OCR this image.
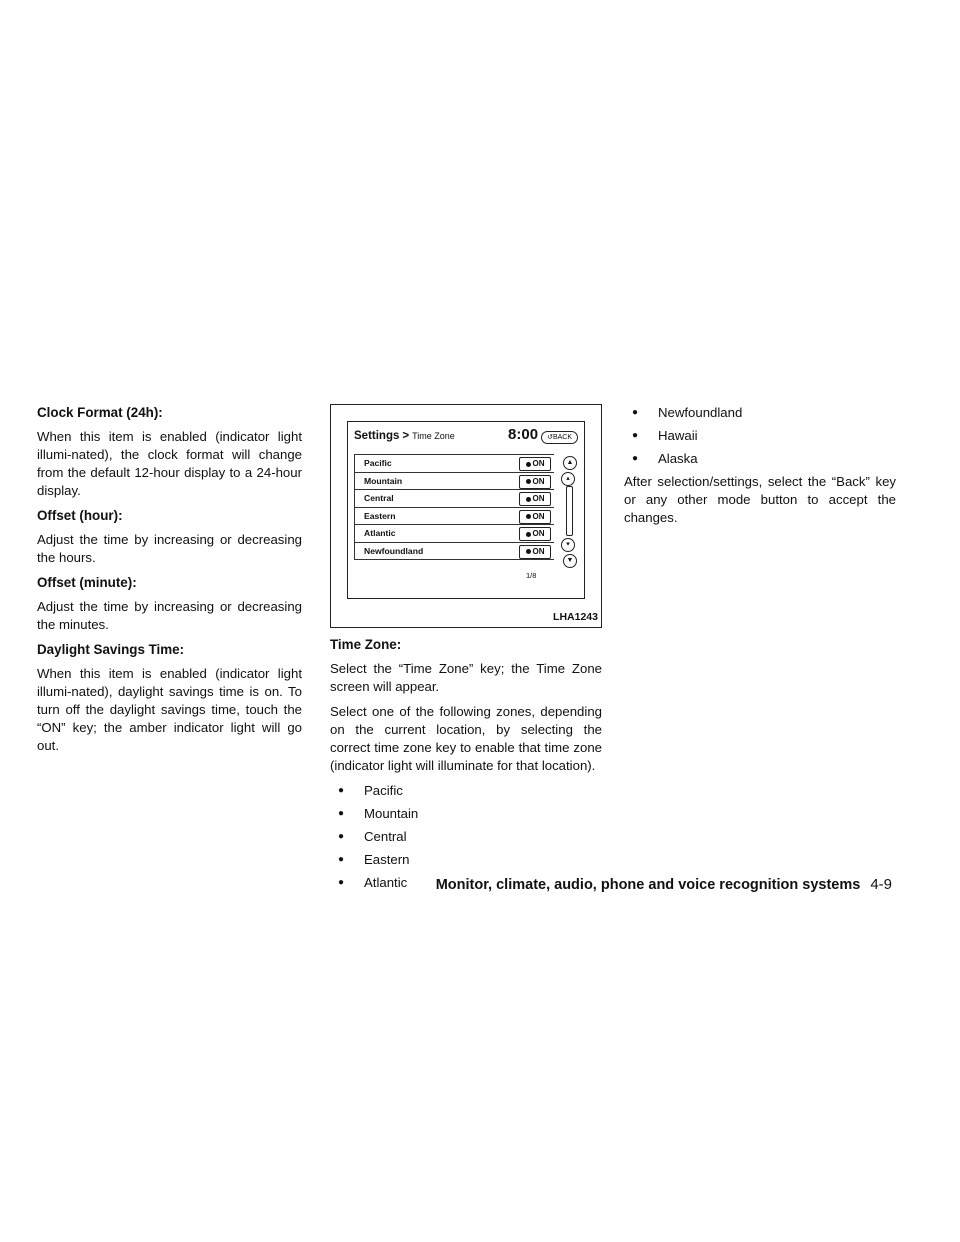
Clock Format (24h):

When this item is enabled (indicator light illumi-nated), the clock format will change from the default 12-hour display to a 24-hour display.

Offset (hour):

Adjust the time by increasing or decreasing the hours.

Offset (minute):

Adjust the time by increasing or decreasing the minutes.

Daylight Savings Time:

When this item is enabled (indicator light illumi-nated), daylight savings time is on. To turn off the daylight savings time, touch the “ON” key; the amber indicator light will go out.

Settings > Time Zone	8:00	↺BACK
Pacific	ON
Mountain	ON
Central	ON
Eastern	ON
Atlantic	ON
Newfoundland	ON
▲
▴
▾
▼
1/8
LHA1243
Time Zone:

Select the “Time Zone” key; the Time Zone screen will appear.

Select one of the following zones, depending on the current location, by selecting the correct time zone key to enable that time zone (indicator light will illuminate for that location).

●	Pacific
●	Mountain
●	Central
●	Eastern
●	Atlantic
●	Newfoundland
●	Hawaii
●	Alaska

After selection/settings, select the “Back” key or any other mode button to accept the changes.

Monitor, climate, audio, phone and voice recognition systems 4-9
